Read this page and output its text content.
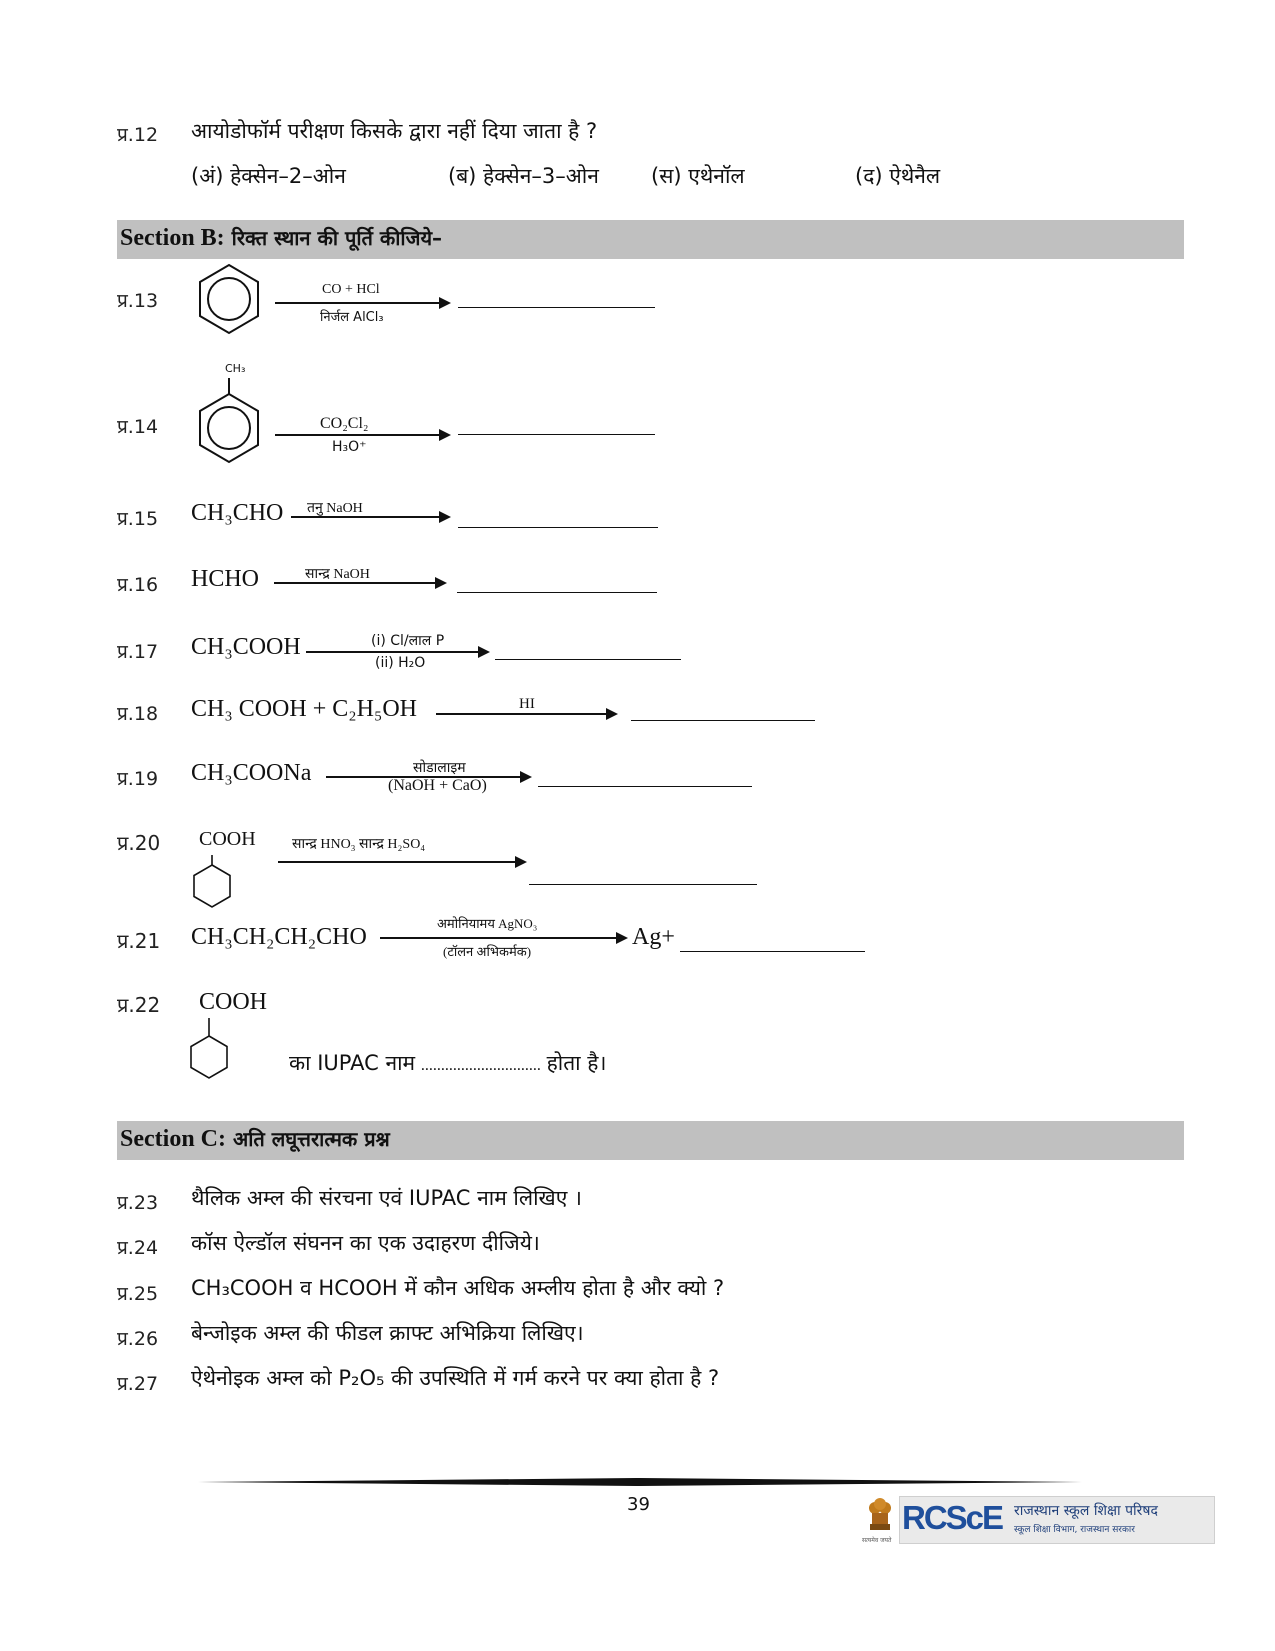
प्र.12 आयोडोफॉर्म परीक्षण किसके द्वारा नहीं दिया जाता है ?
(अं) हेक्सेन–2–ओन	(ब) हेक्सेन–3–ओन (स) एथेनॉल	(द) ऐथेनैल
Section B: रिक्त स्थान की पूर्ति कीजिये–
प्र.13
CO + HCl
निर्जल AlCl₃
प्र.14
CH₃
CO₂Cl₂
H₃O⁺
प्र.15 CH₃CHO तनु NaOH
प्र.16 HCHO	सान्द्र NaOH
प्र.17 CH₃COOH	(i) Cl/लाल P
(ii) H₂O
प्र.18 CH₃ COOH + C₂H₅OH	HI
प्र.19 CH₃COONa	सोडालाइम
(NaOH + CaO)
प्र.20 COOH	सान्द्र HNO₃ सान्द्र H₂SO₄
प्र.21 CH₃CH₂CH₂CHO
अमोनियामय AgNO₃
(टॉलन अभिकर्मक)
Ag+
प्र.22 COOH
का IUPAC नाम .............................. होता है।
Section C: अति लघूत्तरात्मक प्रश्न
प्र.23 थैलिक अम्ल की संरचना एवं IUPAC नाम लिखिए ।
प्र.24 कॉस ऐल्डॉल संघनन का एक उदाहरण दीजिये।
प्र.25 CH₃COOH व HCOOH में कौन अधिक अम्लीय होता है और क्यो ?
प्र.26 बेन्जोइक अम्ल की फीडल क्राफ्ट अभिक्रिया लिखिए।
प्र.27 ऐथेनोइक अम्ल को P₂O₅ की उपस्थिति में गर्म करने पर क्या होता है ?
39
सत्यमेव जयते
RCScE राजस्थान स्कूल शिक्षा परिषद
स्कूल शिक्षा विभाग, राजस्थान सरकार
